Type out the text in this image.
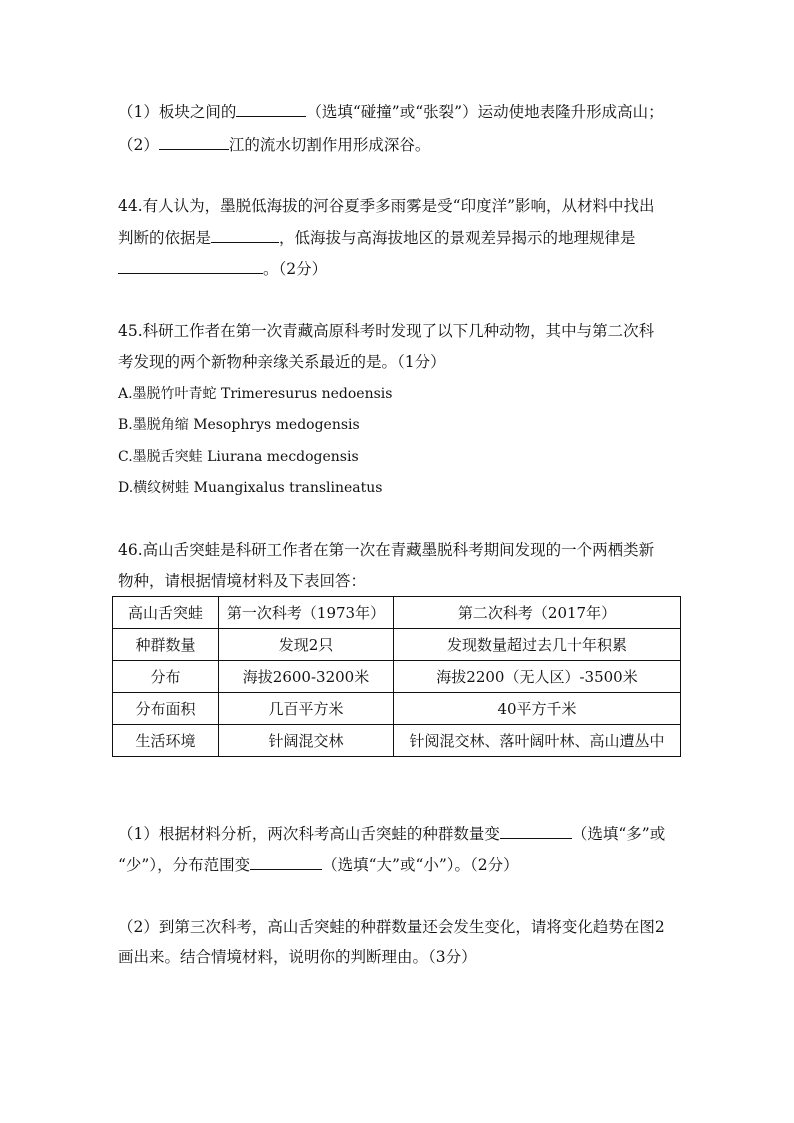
（1）板块之间的	（选填“碰撞”或“张裂”）运动使地表隆升形成高山；
（2）	江的流水切割作用形成深谷。
44.有人认为，墨脱低海拔的河谷夏季多雨雾是受“印度洋”影响，从材料中找出
判断的依据是	，低海拔与高海拔地区的景观差异揭示的地理规律是
。（2分）
45.科研工作者在第一次青藏高原科考时发现了以下几种动物，其中与第二次科
考发现的两个新物种亲缘关系最近的是。（1分）
A.墨脱竹叶青蛇 Trimeresurus nedoensis
B.墨脱角缩 Mesophrys medogensis
C.墨脱舌突蛙 Liurana mecdogensis
D.横纹树蛙 Muangixalus translineatus
46.高山舌突蛙是科研工作者在第一次在青藏墨脱科考期间发现的一个两栖类新
物种，请根据情境材料及下表回答：
高山舌突蛙	第一次科考（1973年）	第二次科考（2017年）
种群数量	发现2只	发现数量超过去几十年积累
分布	海拔2600-3200米	海拔2200（无人区）-3500米
分布面积	几百平方米	40平方千米
生活环境	针阔混交林	针阅混交林、落叶阔叶林、高山遭丛中
（1）根据材料分析，两次科考高山舌突蛙的种群数量变	（选填“多”或
“少”），分布范围变	（选填“大”或“小”）。（2分）
（2）到第三次科考，高山舌突蛙的种群数量还会发生变化，请将变化趋势在图2
画出来。结合情境材料，说明你的判断理由。（3分）
